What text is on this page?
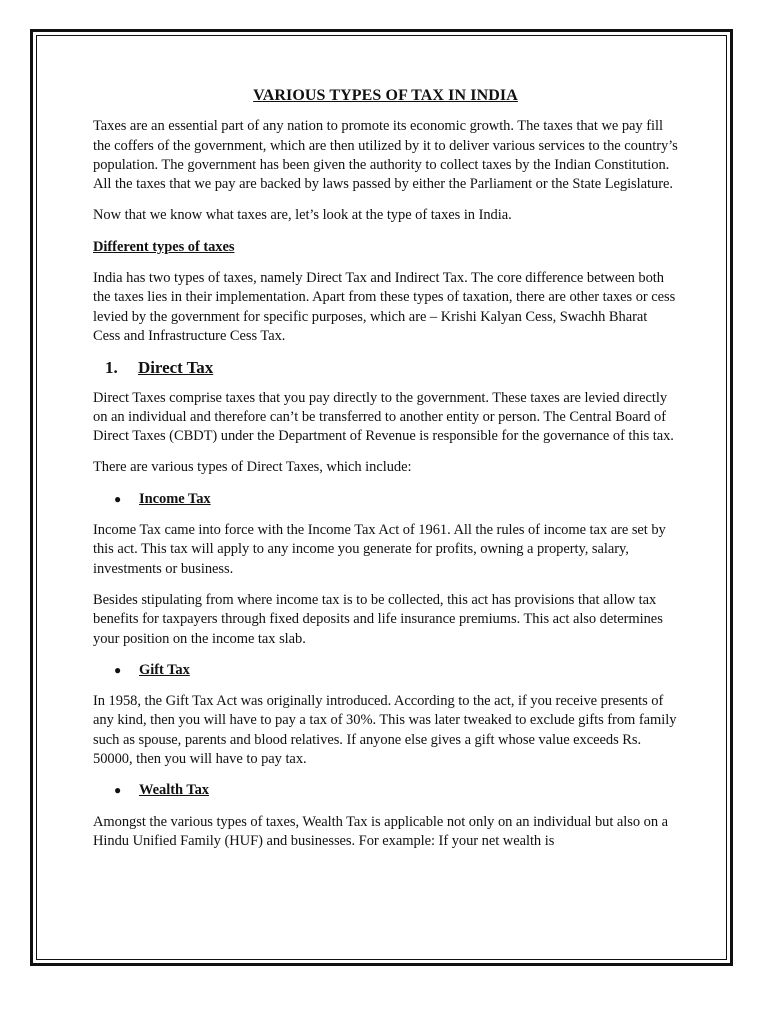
VARIOUS TYPES OF TAX IN INDIA

Taxes are an essential part of any nation to promote its economic growth. The taxes that we pay fill the coffers of the government, which are then utilized by it to deliver various services to the country’s population. The government has been given the authority to collect taxes by the Indian Constitution. All the taxes that we pay are backed by laws passed by either the Parliament or the State Legislature.

Now that we know what taxes are, let’s look at the type of taxes in India.

Different types of taxes

India has two types of taxes, namely Direct Tax and Indirect Tax. The core difference between both the taxes lies in their implementation. Apart from these types of taxation, there are other taxes or cess levied by the government for specific purposes, which are – Krishi Kalyan Cess, Swachh Bharat Cess and Infrastructure Cess Tax.

1.	Direct Tax

Direct Taxes comprise taxes that you pay directly to the government. These taxes are levied directly on an individual and therefore can’t be transferred to another entity or person. The Central Board of Direct Taxes (CBDT) under the Department of Revenue is responsible for the governance of this tax.

There are various types of Direct Taxes, which include:

●	Income Tax

Income Tax came into force with the Income Tax Act of 1961. All the rules of income tax are set by this act. This tax will apply to any income you generate for profits, owning a property, salary, investments or business.

Besides stipulating from where income tax is to be collected, this act has provisions that allow tax benefits for taxpayers through fixed deposits and life insurance premiums. This act also determines your position on the income tax slab.

●	Gift Tax

In 1958, the Gift Tax Act was originally introduced. According to the act, if you receive presents of any kind, then you will have to pay a tax of 30%. This was later tweaked to exclude gifts from family such as spouse, parents and blood relatives. If anyone else gives a gift whose value exceeds Rs. 50000, then you will have to pay tax.

●	Wealth Tax

Amongst the various types of taxes, Wealth Tax is applicable not only on an individual but also on a Hindu Unified Family (HUF) and businesses. For example: If your net wealth is
